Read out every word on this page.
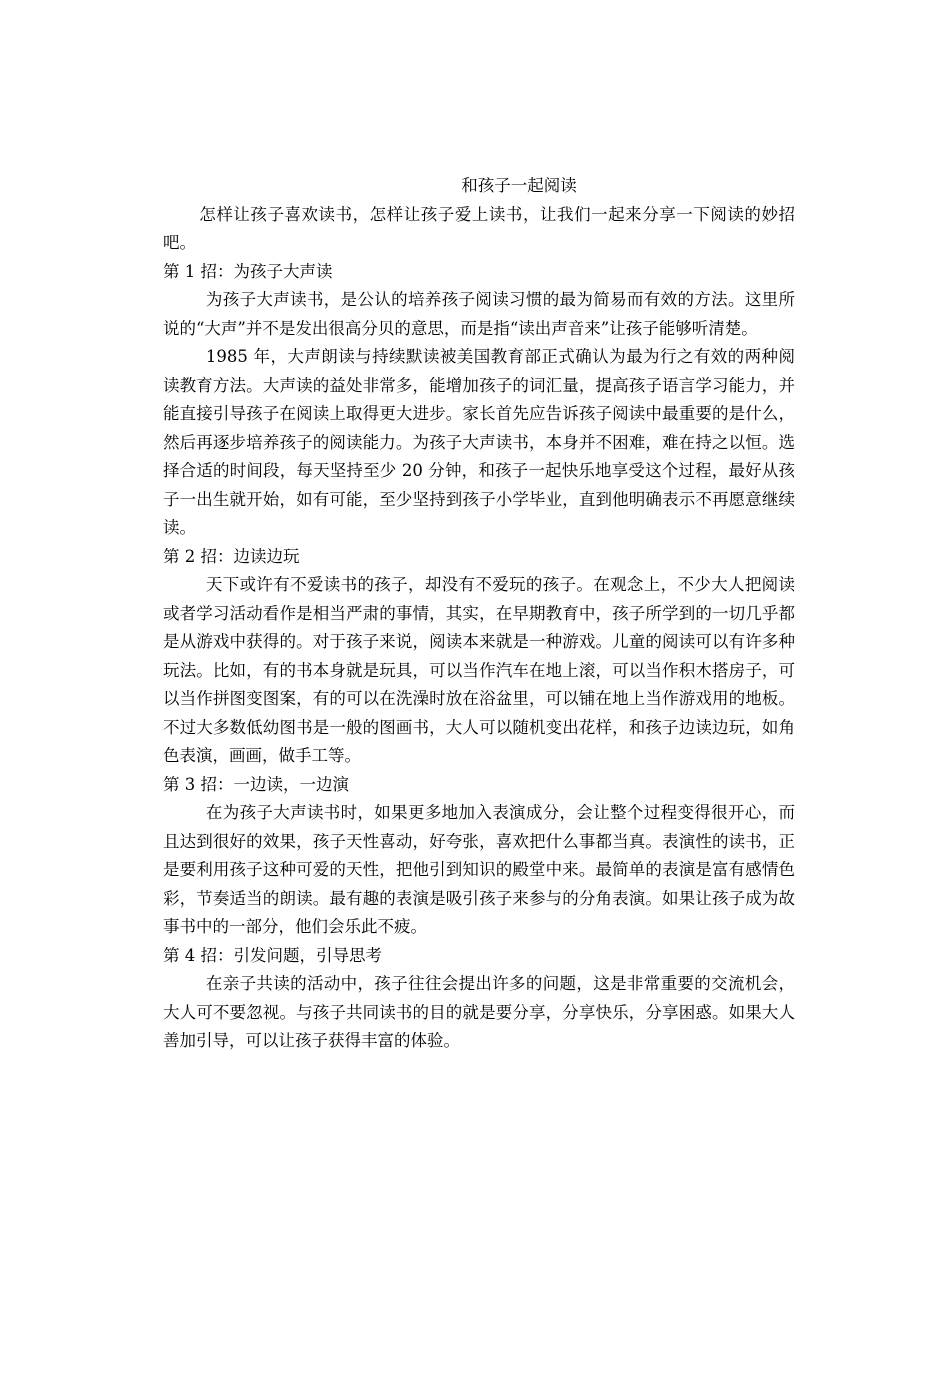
和孩子一起阅读

怎样让孩子喜欢读书，怎样让孩子爱上读书，让我们一起来分享一下阅读的妙招吧。

第 1 招：为孩子大声读

为孩子大声读书，是公认的培养孩子阅读习惯的最为简易而有效的方法。这里所说的“大声”并不是发出很高分贝的意思，而是指“读出声音来”让孩子能够听清楚。

1985 年，大声朗读与持续默读被美国教育部正式确认为最为行之有效的两种阅读教育方法。大声读的益处非常多，能增加孩子的词汇量，提高孩子语言学习能力，并能直接引导孩子在阅读上取得更大进步。家长首先应告诉孩子阅读中最重要的是什么，然后再逐步培养孩子的阅读能力。为孩子大声读书，本身并不困难，难在持之以恒。选择合适的时间段，每天坚持至少 20 分钟，和孩子一起快乐地享受这个过程，最好从孩子一出生就开始，如有可能，至少坚持到孩子小学毕业，直到他明确表示不再愿意继续读。

第 2 招：边读边玩

天下或许有不爱读书的孩子，却没有不爱玩的孩子。在观念上，不少大人把阅读或者学习活动看作是相当严肃的事情，其实，在早期教育中，孩子所学到的一切几乎都是从游戏中获得的。对于孩子来说，阅读本来就是一种游戏。儿童的阅读可以有许多种玩法。比如，有的书本身就是玩具，可以当作汽车在地上滚，可以当作积木搭房子，可以当作拼图变图案，有的可以在洗澡时放在浴盆里，可以铺在地上当作游戏用的地板。不过大多数低幼图书是一般的图画书，大人可以随机变出花样，和孩子边读边玩，如角色表演，画画，做手工等。

第 3 招：一边读，一边演

在为孩子大声读书时，如果更多地加入表演成分，会让整个过程变得很开心，而且达到很好的效果，孩子天性喜动，好夸张，喜欢把什么事都当真。表演性的读书，正是要利用孩子这种可爱的天性，把他引到知识的殿堂中来。最简单的表演是富有感情色彩，节奏适当的朗读。最有趣的表演是吸引孩子来参与的分角表演。如果让孩子成为故事书中的一部分，他们会乐此不疲。

第 4 招：引发问题，引导思考

在亲子共读的活动中，孩子往往会提出许多的问题，这是非常重要的交流机会，大人可不要忽视。与孩子共同读书的目的就是要分享，分享快乐，分享困惑。如果大人善加引导，可以让孩子获得丰富的体验。
